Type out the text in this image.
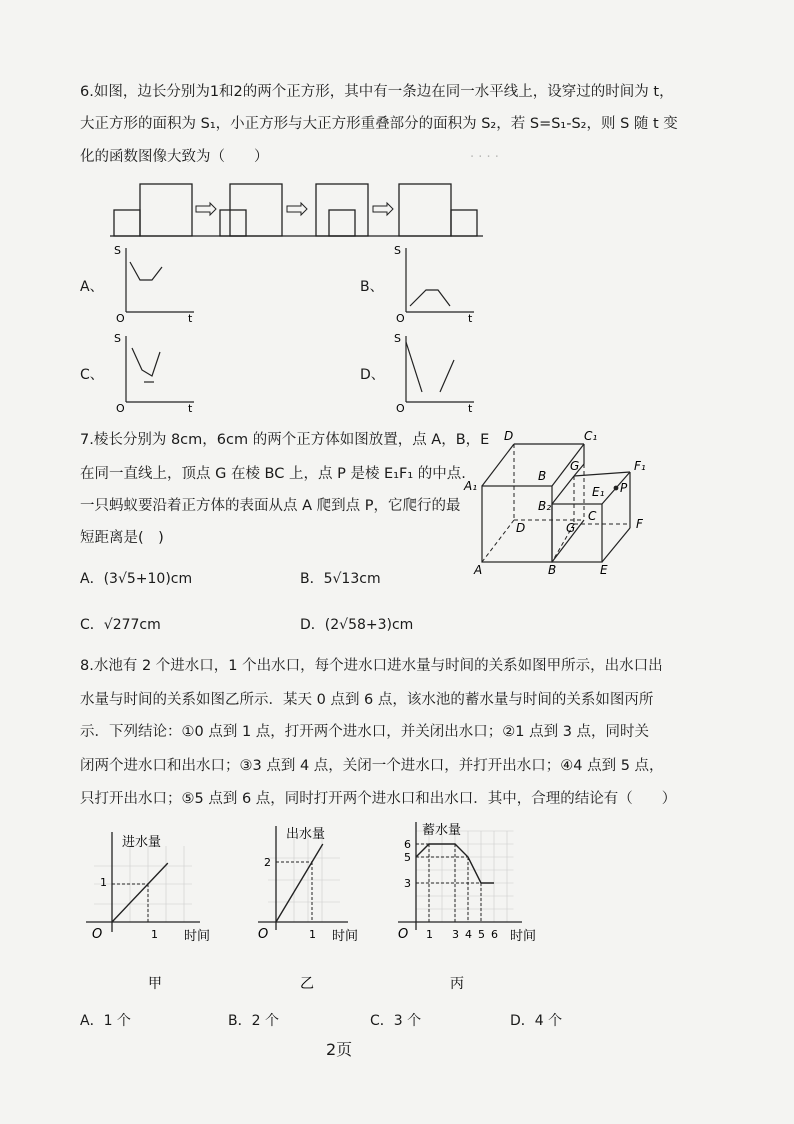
· · · ·
6.如图，边长分别为1和2的两个正方形，其中有一条边在同一水平线上，设穿过的时间为 t，
大正方形的面积为 S₁，小正方形与大正方形重叠部分的面积为 S₂，若 S=S₁-S₂，则 S 随 t 变
化的函数图像大致为（　　）
A、
S
O	t
B、
S
O	t
C、
S
O	t
D、
S
O	t
7.棱长分别为 8cm，6cm 的两个正方体如图放置，点 A，B，E
在同一直线上，顶点 G 在棱 BC 上，点 P 是棱 E₁F₁ 的中点.
一只蚂蚁要沿着正方体的表面从点 A 爬到点 P，它爬行的最
短距离是(　)
D	C₁
G	F₁
A₁
B
E₁ P
B₂
C
D	G	F
A	B	E
A．(3√5+10)cm	B．5√13cm
C．√277cm	D．(2√58+3)cm
8.水池有 2 个进水口，1 个出水口，每个进水口进水量与时间的关系如图甲所示，出水口出
水量与时间的关系如图乙所示．某天 0 点到 6 点，该水池的蓄水量与时间的关系如图丙所
示．下列结论：①0 点到 1 点，打开两个进水口，并关闭出水口；②1 点到 3 点，同时关
闭两个进水口和出水口；③3 点到 4 点，关闭一个进水口，并打开出水口；④4 点到 5 点，
只打开出水口；⑤5 点到 6 点，同时打开两个进水口和出水口．其中，合理的结论有（　　）
进水量
1
1
O	时间
甲
出水量
2
1
O	时间
乙
6
5
3
1 3 4 5 6
蓄水量
O	时间
丙
A．1 个	B．2 个	C．3 个	D．4 个
2页
